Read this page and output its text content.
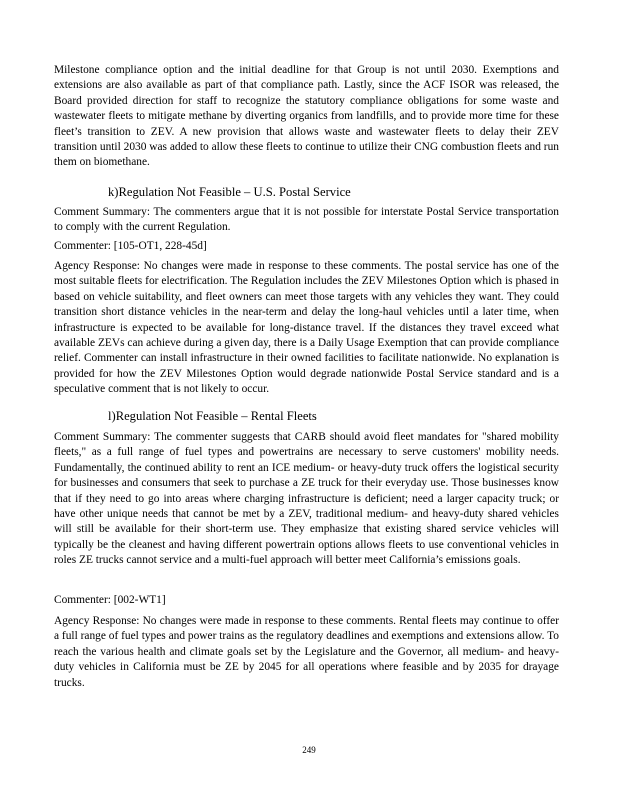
Milestone compliance option and the initial deadline for that Group is not until 2030. Exemptions and extensions are also available as part of that compliance path. Lastly, since the ACF ISOR was released, the Board provided direction for staff to recognize the statutory compliance obligations for some waste and wastewater fleets to mitigate methane by diverting organics from landfills, and to provide more time for these fleet’s transition to ZEV. A new provision that allows waste and wastewater fleets to delay their ZEV transition until 2030 was added to allow these fleets to continue to utilize their CNG combustion fleets and run them on biomethane.
k)Regulation Not Feasible – U.S. Postal Service
Comment Summary: The commenters argue that it is not possible for interstate Postal Service transportation to comply with the current Regulation.
Commenter: [105-OT1, 228-45d]
Agency Response: No changes were made in response to these comments. The postal service has one of the most suitable fleets for electrification. The Regulation includes the ZEV Milestones Option which is phased in based on vehicle suitability, and fleet owners can meet those targets with any vehicles they want. They could transition short distance vehicles in the near-term and delay the long-haul vehicles until a later time, when infrastructure is expected to be available for long-distance travel. If the distances they travel exceed what available ZEVs can achieve during a given day, there is a Daily Usage Exemption that can provide compliance relief. Commenter can install infrastructure in their owned facilities to facilitate nationwide. No explanation is provided for how the ZEV Milestones Option would degrade nationwide Postal Service standard and is a speculative comment that is not likely to occur.
l)Regulation Not Feasible – Rental Fleets
Comment Summary: The commenter suggests that CARB should avoid fleet mandates for "shared mobility fleets," as a full range of fuel types and powertrains are necessary to serve customers' mobility needs. Fundamentally, the continued ability to rent an ICE medium- or heavy-duty truck offers the logistical security for businesses and consumers that seek to purchase a ZE truck for their everyday use. Those businesses know that if they need to go into areas where charging infrastructure is deficient; need a larger capacity truck; or have other unique needs that cannot be met by a ZEV, traditional medium- and heavy-duty shared vehicles will still be available for their short-term use. They emphasize that existing shared service vehicles will typically be the cleanest and having different powertrain options allows fleets to use conventional vehicles in roles ZE trucks cannot service and a multi-fuel approach will better meet California’s emissions goals.
Commenter: [002-WT1]
Agency Response: No changes were made in response to these comments. Rental fleets may continue to offer a full range of fuel types and power trains as the regulatory deadlines and exemptions and extensions allow. To reach the various health and climate goals set by the Legislature and the Governor, all medium- and heavy-duty vehicles in California must be ZE by 2045 for all operations where feasible and by 2035 for drayage trucks.
249
